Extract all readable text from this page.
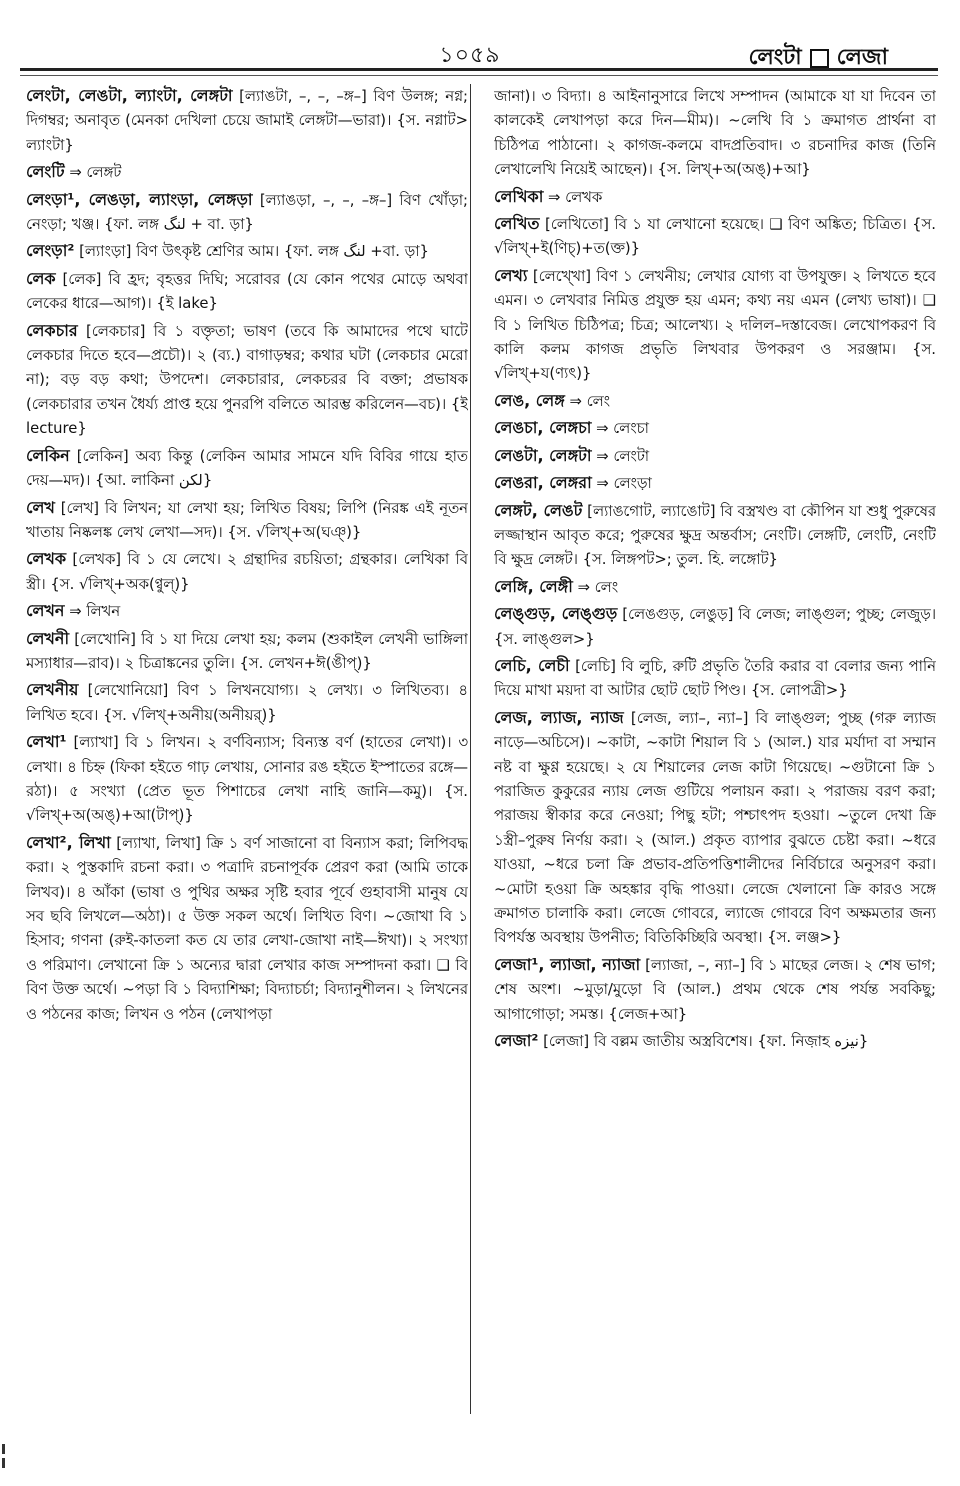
১০৫৯	লেংটা লেজা

লেংটা, লেঙটা, ল্যাংটা, লেঙ্গটা [ল্যাঙটা, –, –, –ঙ্গ–] বিণ উলঙ্গ; নগ্ন; দিগম্বর; অনাবৃত (মেনকা দেখিলা চেয়ে জামাই লেঙ্গটা—ভারা)। {স. নগ্নাট> ল্যাংটা}

লেংটি ⇒ লেঙ্গট

লেংড়া¹, লেঙড়া, ল্যাংড়া, লেঙ্গড়া [ল্যাঙড়া, –, –, –ঙ্গ–] বিণ খোঁড়া; নেংড়া; খঞ্জ। {ফা. লঙ্গ لنگ + বা. ড়া}

লেংড়া² [ল্যাংড়া] বিণ উৎকৃষ্ট শ্রেণির আম। {ফা. লঙ্গ لنگ +বা. ড়া}

লেক [লেক] বি হ্রদ; বৃহত্তর দিঘি; সরোবর (যে কোন পথের মোড়ে অথবা লেকের ধারে—আগ)। {ই lake}

লেকচার [লেকচার] বি ১ বক্তৃতা; ভাষণ (তবে কি আমাদের পথে ঘাটে লেকচার দিতে হবে—প্রচৌ)। ২ (ব্য.) বাগাড়ম্বর; কথার ঘটা (লেকচার মেরো না); বড় বড় কথা; উপদেশ। লেকচারার, লেকচরর বি বক্তা; প্রভাষক (লেকচারার তখন ধৈর্য্য প্রাপ্ত হয়ে পুনরপি বলিতে আরম্ভ করিলেন—বচ)। {ই lecture}

লেকিন [লেকিন] অব্য কিন্তু (লেকিন আমার সামনে যদি বিবির গায়ে হাত দেয়—মদ)। {আ. লাকিনা لكن}

লেখ [লেখ] বি লিখন; যা লেখা হয়; লিখিত বিষয়; লিপি (নিরঙ্ক এই নূতন খাতায় নিষ্কলঙ্ক লেখ লেখা—সদ)। {স. √লিখ্+অ(ঘঞ্)}

লেখক [লেখক] বি ১ যে লেখে। ২ গ্রন্থাদির রচয়িতা; গ্রন্থকার। লেখিকা বি স্ত্রী। {স. √লিখ্+অক(ণ্বুল্)}

লেখন ⇒ লিখন

লেখনী [লেখোনি] বি ১ যা দিয়ে লেখা হয়; কলম (শুকাইল লেখনী ভাঙ্গিলা মস্যাধার—রাব)। ২ চিত্রাঙ্কনের তুলি। {স. লেখন+ঈ(ঙীপ্)}

লেখনীয় [লেখোনিয়ো] বিণ ১ লিখনযোগ্য। ২ লেখ্য। ৩ লিখিতব্য। ৪ লিখিত হবে। {স. √লিখ্+অনীয়(অনীয়র্)}

লেখা¹ [ল্যাখা] বি ১ লিখন। ২ বর্ণবিন্যাস; বিন্যস্ত বর্ণ (হাতের লেখা)। ৩ লেখা। ৪ চিহ্ন (ফিকা হইতে গাঢ় লেখায়, সোনার রঙ হইতে ইস্পাতের রঙ্গে—রঠা)। ৫ সংখ্যা (প্রেত ভূত পিশাচের লেখা নাহি জানি—কমু)। {স. √লিখ্+অ(অঙ্)+আ(টাপ্)}

লেখা², লিখা [ল্যাখা, লিখা] ক্রি ১ বর্ণ সাজানো বা বিন্যাস করা; লিপিবদ্ধ করা। ২ পুস্তকাদি রচনা করা। ৩ পত্রাদি রচনাপূর্বক প্রেরণ করা (আমি তাকে লিখব)। ৪ আঁকা (ভাষা ও পুথির অক্ষর সৃষ্টি হবার পূর্বে গুহাবাসী মানুষ যে সব ছবি লিখলে—অঠা)। ৫ উক্ত সকল অর্থে। লিখিত বিণ। ~জোখা বি ১ হিসাব; গণনা (রুই-কাতলা কত যে তার লেখা-জোখা নাই—ঈখা)। ২ সংখ্যা ও পরিমাণ। লেখানো ক্রি ১ অন্যের দ্বারা লেখার কাজ সম্পাদনা করা। ❑ বি বিণ উক্ত অর্থে। ~পড়া বি ১ বিদ্যাশিক্ষা; বিদ্যাচর্চা; বিদ্যানুশীলন। ২ লিখনের ও পঠনের কাজ; লিখন ও পঠন (লেখাপড়া

জানা)। ৩ বিদ্যা। ৪ আইনানুসারে লিখে সম্পাদন (আমাকে যা যা দিবেন তা কালকেই লেখাপড়া করে দিন—মীম)। ~লেখি বি ১ ক্রমাগত প্রার্থনা বা চিঠিপত্র পাঠানো। ২ কাগজ-কলমে বাদপ্রতিবাদ। ৩ রচনাদির কাজ (তিনি লেখালেখি নিয়েই আছেন)। {স. লিখ্+অ(অঙ্)+আ}

লেখিকা ⇒ লেখক

লেখিত [লেখিতো] বি ১ যা লেখানো হয়েছে। ❑ বিণ অঙ্কিত; চিত্রিত। {স. √লিখ্+ই(ণিচ্)+ত(ক্ত)}

লেখ্য [লেখ্খো] বিণ ১ লেখনীয়; লেখার যোগ্য বা উপযুক্ত। ২ লিখতে হবে এমন। ৩ লেখবার নিমিত্ত প্রযুক্ত হয় এমন; কথ্য নয় এমন (লেখ্য ভাষা)। ❑ বি ১ লিখিত চিঠিপত্র; চিত্র; আলেখ্য। ২ দলিল–দস্তাবেজ। লেখোপকরণ বি কালি কলম কাগজ প্রভৃতি লিখবার উপকরণ ও সরঞ্জাম। {স. √লিখ্+য(ণ্যৎ)}

লেঙ, লেঙ্গ ⇒ লেং

লেঙচা, লেঙ্গচা ⇒ লেংচা

লেঙটা, লেঙ্গটা ⇒ লেংটা

লেঙরা, লেঙ্গরা ⇒ লেংড়া

লেঙ্গট, লেঙট [ল্যাঙগোট, ল্যাঙোট] বি বস্ত্রখণ্ড বা কৌপিন যা শুধু পুরুষের লজ্জাস্থান আবৃত করে; পুরুষের ক্ষুদ্র অন্তর্বাস; নেংটি। লেঙ্গটি, লেংটি, নেংটি বি ক্ষুদ্র লেঙ্গট। {স. লিঙ্গপট>; তুল. হি. লঙ্গোট}

লেঙ্গি, লেঙ্গী ⇒ লেং

লেঙ্গুড়, লেঙ্গুড় [লেঙগুড়, লেঙুড়] বি লেজ; লাঙ্গুল; পুচ্ছ; লেজুড়। {স. লাঙ্গুল>}

লেচি, লেচী [লেচি] বি লুচি, রুটি প্রভৃতি তৈরি করার বা বেলার জন্য পানি দিয়ে মাখা ময়দা বা আটার ছোট ছোট পিণ্ড। {স. লোপত্রী>}

লেজ, ল্যাজ, ন্যাজ [লেজ, ল্যা–, ন্যা–] বি লাঙ্গুল; পুচ্ছ (গরু ল্যাজ নাড়ে—অচিসে)। ~কাটা, ~কাটা শিয়াল বি ১ (আল.) যার মর্যাদা বা সম্মান নষ্ট বা ক্ষুণ্ণ হয়েছে। ২ যে শিয়ালের লেজ কাটা গিয়েছে। ~গুটানো ক্রি ১ পরাজিত কুকুরের ন্যায় লেজ গুটিয়ে পলায়ন করা। ২ পরাজয় বরণ করা; পরাজয় স্বীকার করে নেওয়া; পিছু হটা; পশ্চাৎপদ হওয়া। ~তুলে দেখা ক্রি ১স্ত্রী–পুরুষ নির্ণয় করা। ২ (আল.) প্রকৃত ব্যাপার বুঝতে চেষ্টা করা। ~ধরে যাওয়া, ~ধরে চলা ক্রি প্রভাব-প্রতিপত্তিশালীদের নির্বিচারে অনুসরণ করা। ~মোটা হওয়া ক্রি অহঙ্কার বৃদ্ধি পাওয়া। লেজে খেলানো ক্রি কারও সঙ্গে ক্রমাগত চালাকি করা। লেজে গোবরে, ল্যাজে গোবরে বিণ অক্ষমতার জন্য বিপর্যস্ত অবস্থায় উপনীত; বিতিকিচ্ছিরি অবস্থা। {স. লঞ্জ>}

লেজা¹, ল্যাজা, ন্যাজা [ল্যাজা, –, ন্যা–] বি ১ মাছের লেজ। ২ শেষ ভাগ; শেষ অংশ। ~মুড়া/মুড়ো বি (আল.) প্রথম থেকে শেষ পর্যন্ত সবকিছু; আগাগোড়া; সমস্ত। {লেজ+আ}

লেজা² [লেজা] বি বল্লম জাতীয় অস্ত্রবিশেষ। {ফা. নিজ়াহ نیزه}
